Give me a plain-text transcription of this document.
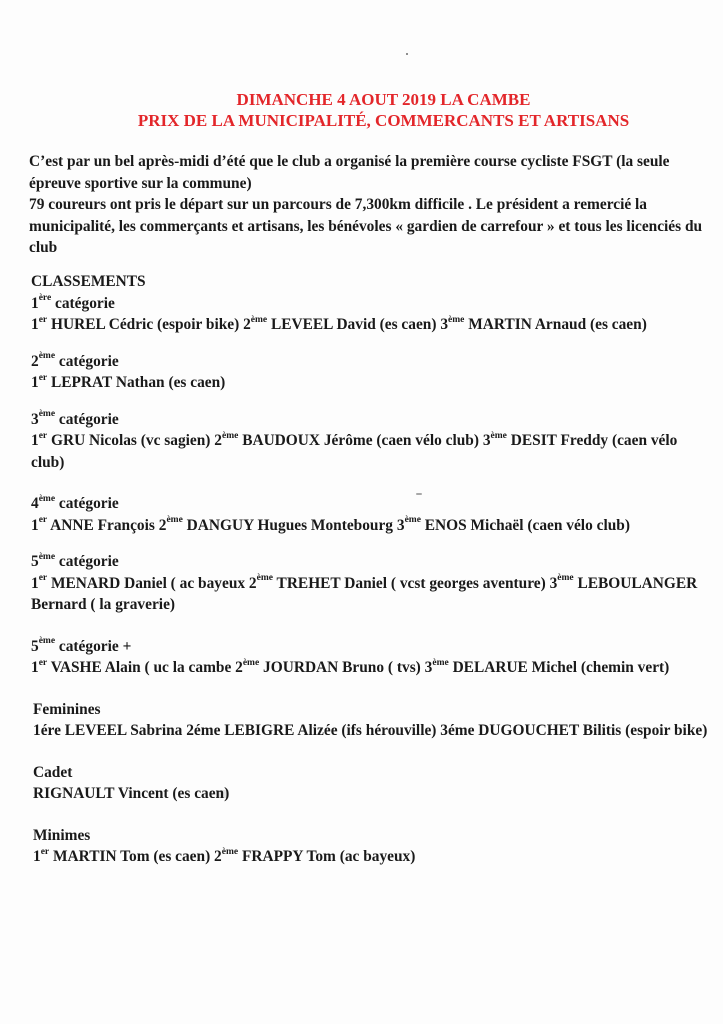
DIMANCHE 4 AOUT 2019 LA CAMBE
PRIX DE LA MUNICIPALITÉ, COMMERCANTS ET ARTISANS

C’est par un bel après-midi d’été que le club a organisé la première course cycliste FSGT (la seule épreuve sportive sur la commune)

79 coureurs ont pris le départ sur un parcours de 7,300km difficile . Le président a remercié la municipalité, les commerçants et artisans, les bénévoles « gardien de carrefour » et tous les licenciés du club

CLASSEMENTS
1ère catégorie
1er HUREL Cédric (espoir bike) 2ème LEVEEL David (es caen) 3ème MARTIN Arnaud (es caen)
2ème catégorie
1er LEPRAT Nathan (es caen)
3ème catégorie
1er GRU Nicolas (vc sagien) 2ème BAUDOUX Jérôme (caen vélo club) 3ème DESIT Freddy (caen vélo club)
4ème catégorie
1er ANNE François 2ème DANGUY Hugues Montebourg 3ème ENOS Michaël (caen vélo club)
5ème catégorie
1er MENARD Daniel ( ac bayeux 2ème TREHET Daniel ( vcst georges aventure) 3ème LEBOULANGER Bernard ( la graverie)
5ème catégorie +
1er VASHE Alain ( uc la cambe 2ème JOURDAN Bruno ( tvs) 3ème DELARUE Michel (chemin vert)
Feminines
1ére LEVEEL Sabrina 2éme LEBIGRE Alizée (ifs hérouville) 3éme DUGOUCHET Bilitis (espoir bike)
Cadet
RIGNAULT Vincent (es caen)
Minimes
1er MARTIN Tom (es caen) 2ème FRAPPY Tom (ac bayeux)
